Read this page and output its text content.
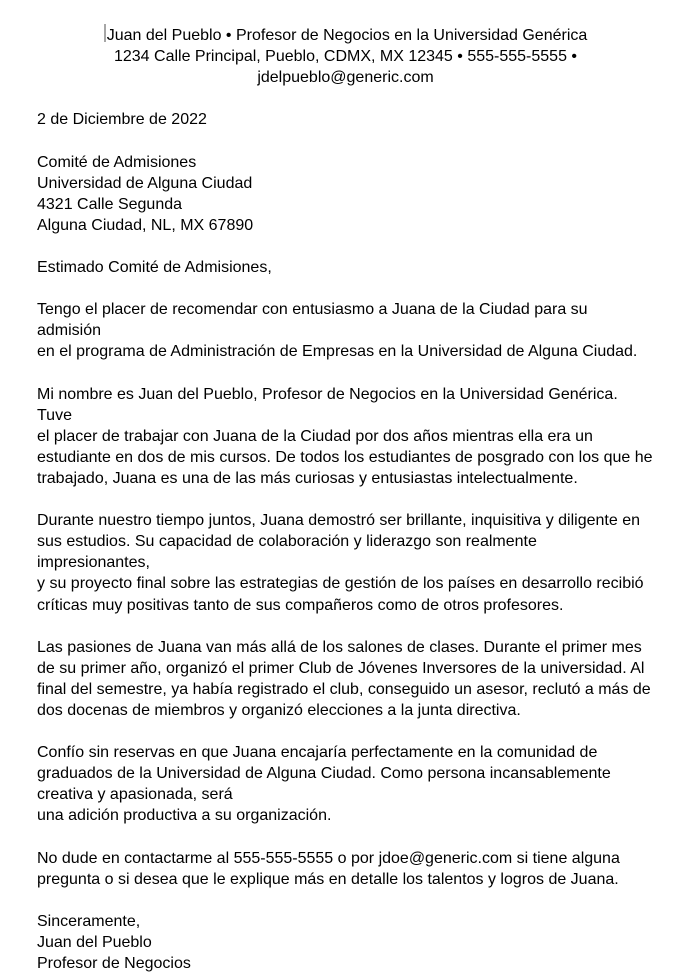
Juan del Pueblo • Profesor de Negocios en la Universidad Genérica
1234 Calle Principal, Pueblo, CDMX, MX 12345 • 555-555-5555 •
jdelpueblo@generic.com
2 de Diciembre de 2022
Comité de Admisiones
Universidad de Alguna Ciudad
4321 Calle Segunda
Alguna Ciudad, NL, MX 67890
Estimado Comité de Admisiones,
Tengo el placer de recomendar con entusiasmo a Juana de la Ciudad para su admisión
en el programa de Administración de Empresas en la Universidad de Alguna Ciudad.
Mi nombre es Juan del Pueblo, Profesor de Negocios en la Universidad Genérica. Tuve
el placer de trabajar con Juana de la Ciudad por dos años mientras ella era un
estudiante en dos de mis cursos. De todos los estudiantes de posgrado con los que he
trabajado, Juana es una de las más curiosas y entusiastas intelectualmente.
Durante nuestro tiempo juntos, Juana demostró ser brillante, inquisitiva y diligente en
sus estudios. Su capacidad de colaboración y liderazgo son realmente impresionantes,
y su proyecto final sobre las estrategias de gestión de los países en desarrollo recibió
críticas muy positivas tanto de sus compañeros como de otros profesores.
Las pasiones de Juana van más allá de los salones de clases. Durante el primer mes
de su primer año, organizó el primer Club de Jóvenes Inversores de la universidad. Al
final del semestre, ya había registrado el club, conseguido un asesor, reclutó a más de
dos docenas de miembros y organizó elecciones a la junta directiva.
Confío sin reservas en que Juana encajaría perfectamente en la comunidad de
graduados de la Universidad de Alguna Ciudad. Como persona incansablemente
creativa y apasionada, será
una adición productiva a su organización.
No dude en contactarme al 555-555-5555 o por jdoe@generic.com si tiene alguna
pregunta o si desea que le explique más en detalle los talentos y logros de Juana.
Sinceramente,
Juan del Pueblo
Profesor de Negocios
